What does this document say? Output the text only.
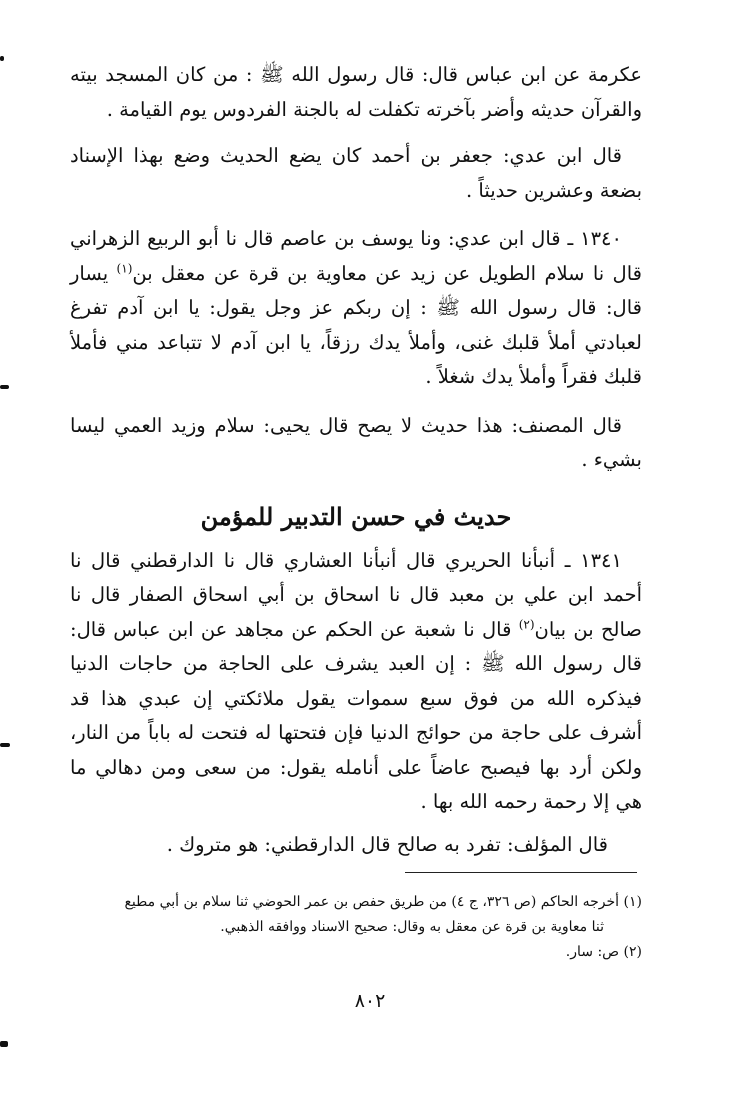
عكرمة عن ابن عباس قال: قال رسول الله ﷺ : من كان المسجد بيته والقرآن حديثه وأضر بآخرته تكفلت له بالجنة الفردوس يوم القيامة .

قال ابن عدي: جعفر بن أحمد كان يضع الحديث وضع بهذا الإسناد بضعة وعشرين حديثاً .

١٣٤٠ ـ قال ابن عدي: ونا يوسف بن عاصم قال نا أبو الربيع الزهراني قال نا سلام الطويل عن زيد عن معاوية بن قرة عن معقل بن$^{(١)}$ يسار قال: قال رسول الله ﷺ : إن ربكم عز وجل يقول: يا ابن آدم تفرغ لعبادتي أملأ قلبك غنى، وأملأ يدك رزقاً، يا ابن آدم لا تتباعد مني فأملأ قلبك فقراً وأملأ يدك شغلاً .

قال المصنف: هذا حديث لا يصح قال يحيى: سلام وزيد العمي ليسا بشيء .

حديث في حسن التدبير للمؤمن

١٣٤١ ـ أنبأنا الحريري قال أنبأنا العشاري قال نا الدارقطني قال نا أحمد ابن علي بن معبد قال نا اسحاق بن أبي اسحاق الصفار قال نا صالح بن بيان$^{(٢)}$ قال نا شعبة عن الحكم عن مجاهد عن ابن عباس قال: قال رسول الله ﷺ : إن العبد يشرف على الحاجة من حاجات الدنيا فيذكره الله من فوق سبع سموات يقول ملائكتي إن عبدي هذا قد أشرف على حاجة من حوائج الدنيا فإن فتحتها له فتحت له باباً من النار، ولكن أرد بها فيصبح عاضاً على أنامله يقول: من سعى ومن دهالي ما هي إلا رحمة رحمه الله بها .

قال المؤلف: تفرد به صالح قال الدارقطني: هو متروك .

(١) أخرجه الحاكم (ص ٣٢٦، ج ٤) من طريق حفص بن عمر الحوضي ثنا سلام بن أبي مطيع

ثنا معاوية بن قرة عن معقل به وقال: صحيح الاسناد ووافقه الذهبي.

(٢) ص: سار.

٨٠٢
